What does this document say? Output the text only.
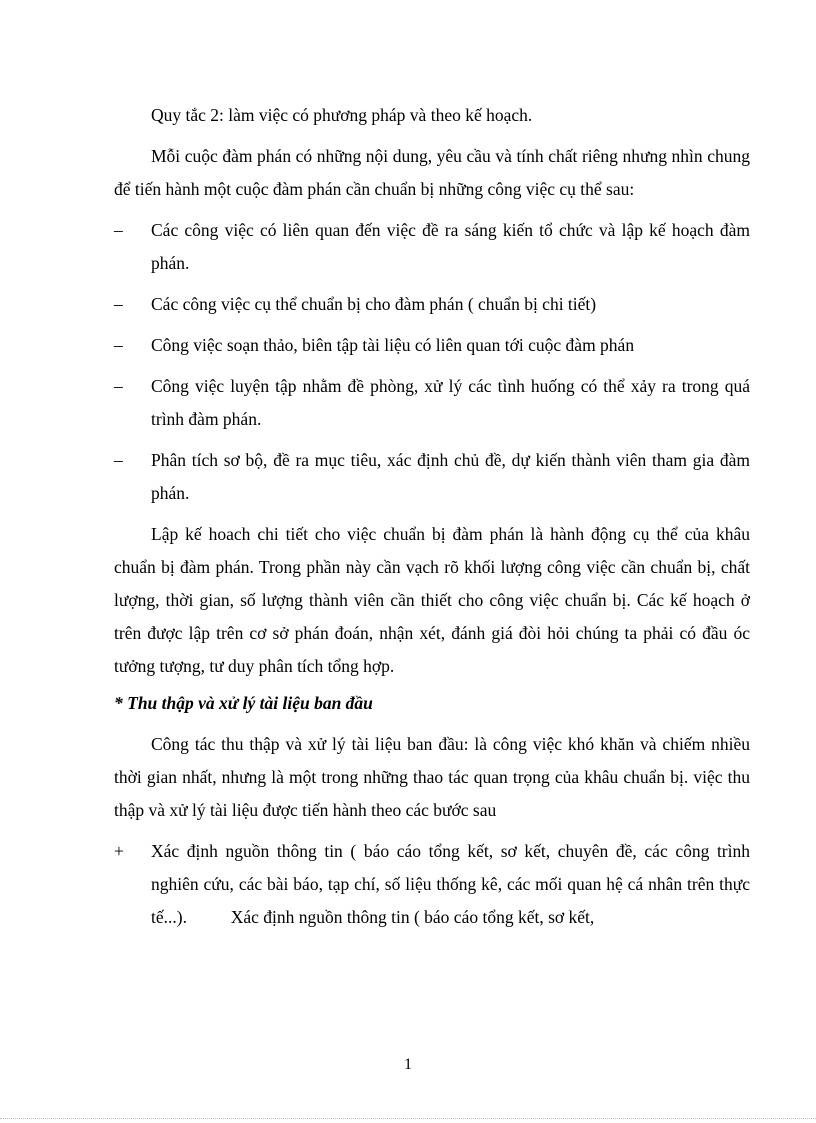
Quy tắc 2: làm việc có phương pháp và theo kế hoạch.

Mỗi cuộc đàm phán có những nội dung, yêu cầu và tính chất riêng nhưng nhìn chung để tiến hành một cuộc đàm phán cần chuẩn bị những công việc cụ thể sau:

–	Các công việc có liên quan đến việc đề ra sáng kiến tổ chức và lập kế hoạch đàm phán.
–	Các công việc cụ thể chuẩn bị cho đàm phán ( chuẩn bị chi tiết)
–	Công việc soạn thảo, biên tập tài liệu có liên quan tới cuộc đàm phán
–	Công việc luyện tập nhằm đề phòng, xử lý các tình huống có thể xảy ra trong quá trình đàm phán.
–	Phân tích sơ bộ, đề ra mục tiêu, xác định chủ đề, dự kiến thành viên tham gia đàm phán.

Lập kế hoach chi tiết cho việc chuẩn bị đàm phán là hành động cụ thể của khâu chuẩn bị đàm phán. Trong phần này cần vạch rõ khối lượng công việc cần chuẩn bị, chất lượng, thời gian, số lượng thành viên cần thiết cho công việc chuẩn bị. Các kế hoạch ở trên được lập trên cơ sở phán đoán, nhận xét, đánh giá đòi hỏi chúng ta phải có đầu óc tưởng tượng, tư duy phân tích tổng hợp.

* Thu thập và xử lý tài liệu ban đầu

Công tác thu thập và xử lý tài liệu ban đầu: là công việc khó khăn và chiếm nhiều thời gian nhất, nhưng là một trong những thao tác quan trọng của khâu chuẩn bị. việc thu thập và xử lý tài liệu được tiến hành theo các bước sau

+ Xác định nguồn thông tin ( báo cáo tổng kết, sơ kết, chuyên đề, các công trình nghiên cứu, các bài báo, tạp chí, số liệu thống kê, các mối quan hệ cá nhân trên thực tế...).          Xác định nguồn thông tin ( báo cáo tổng kết, sơ kết,
1
